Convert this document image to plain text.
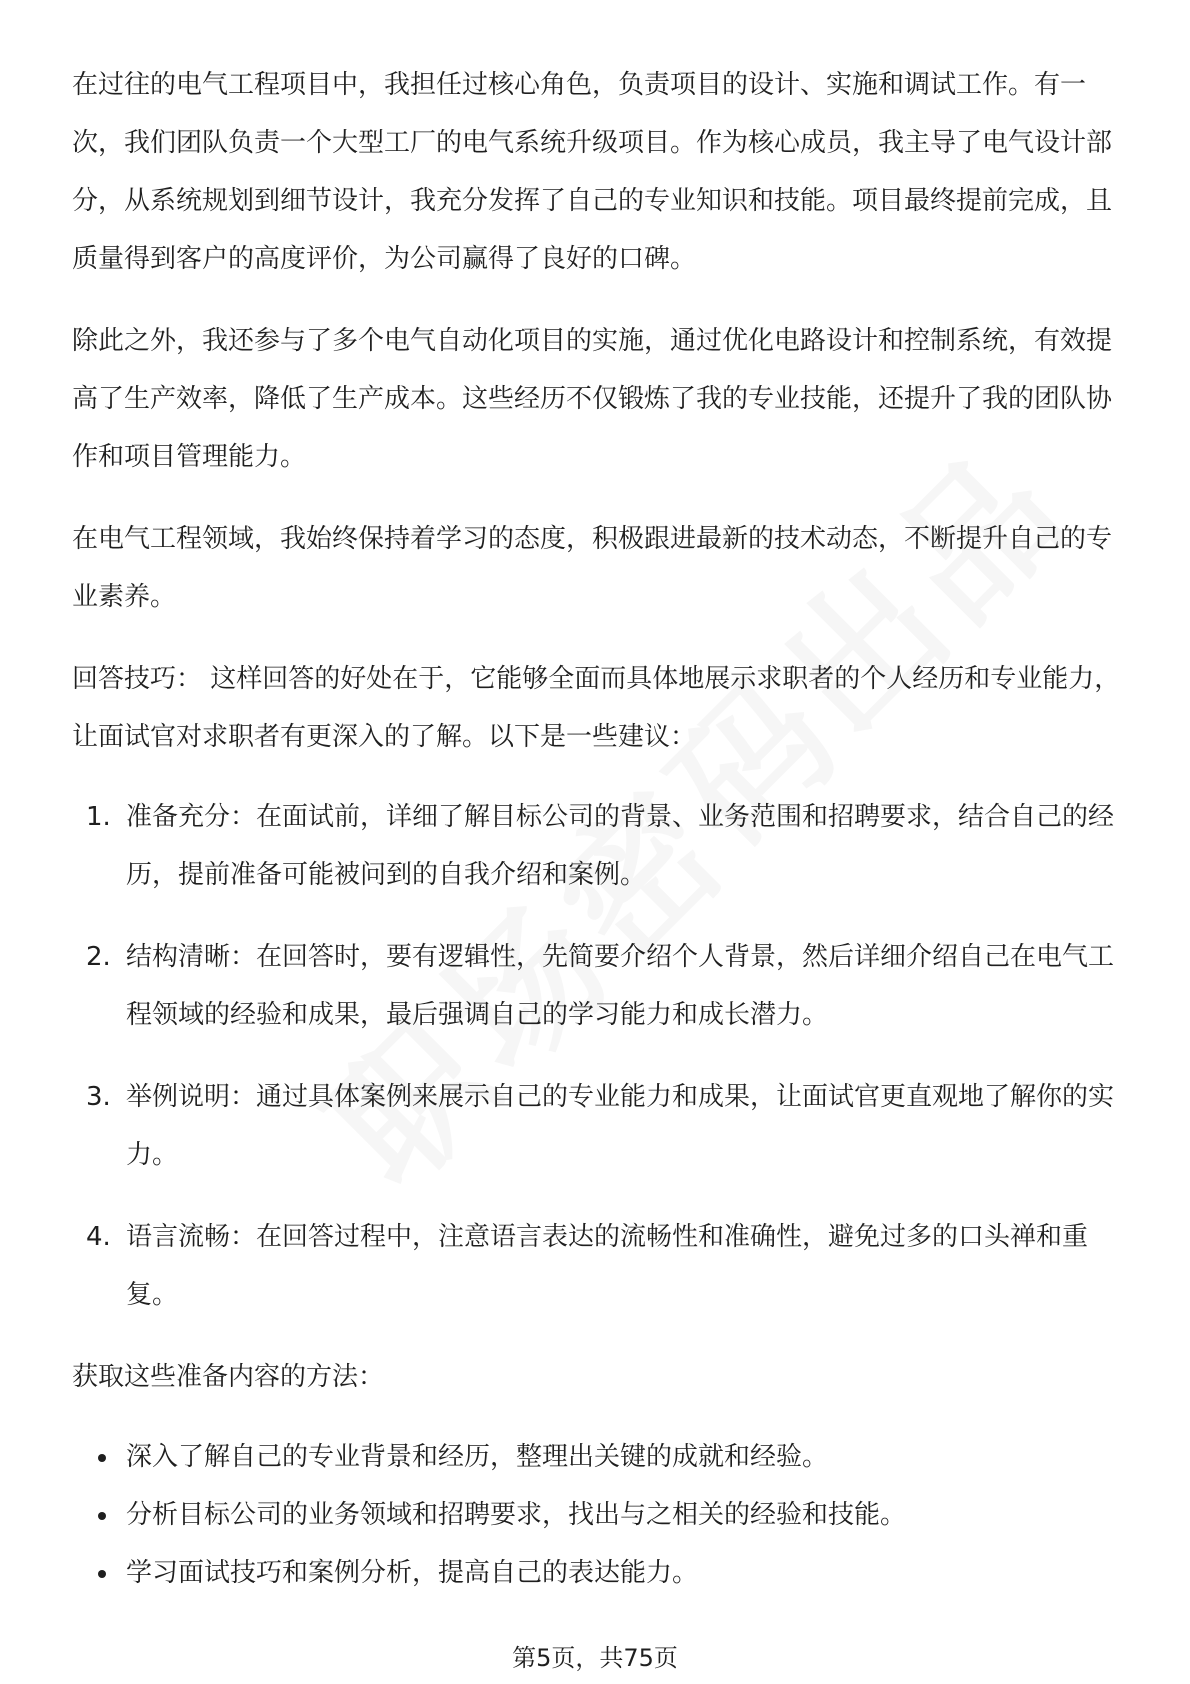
在过往的电气工程项目中，我担任过核心角色，负责项目的设计、实施和调试工作。有一次，我们团队负责一个大型工厂的电气系统升级项目。作为核心成员，我主导了电气设计部分，从系统规划到细节设计，我充分发挥了自己的专业知识和技能。项目最终提前完成，且质量得到客户的高度评价，为公司赢得了良好的口碑。

除此之外，我还参与了多个电气自动化项目的实施，通过优化电路设计和控制系统，有效提高了生产效率，降低了生产成本。这些经历不仅锻炼了我的专业技能，还提升了我的团队协作和项目管理能力。

在电气工程领域，我始终保持着学习的态度，积极跟进最新的技术动态，不断提升自己的专业素养。

回答技巧： 这样回答的好处在于，它能够全面而具体地展示求职者的个人经历和专业能力，让面试官对求职者有更深入的了解。以下是一些建议：

1. 准备充分：在面试前，详细了解目标公司的背景、业务范围和招聘要求，结合自己的经历，提前准备可能被问到的自我介绍和案例。
2. 结构清晰：在回答时，要有逻辑性，先简要介绍个人背景，然后详细介绍自己在电气工程领域的经验和成果，最后强调自己的学习能力和成长潜力。
3. 举例说明：通过具体案例来展示自己的专业能力和成果，让面试官更直观地了解你的实力。
4. 语言流畅：在回答过程中，注意语言表达的流畅性和准确性，避免过多的口头禅和重复。

获取这些准备内容的方法：

深入了解自己的专业背景和经历，整理出关键的成就和经验。
分析目标公司的业务领域和招聘要求，找出与之相关的经验和技能。
学习面试技巧和案例分析，提高自己的表达能力。
第5页，共75页
